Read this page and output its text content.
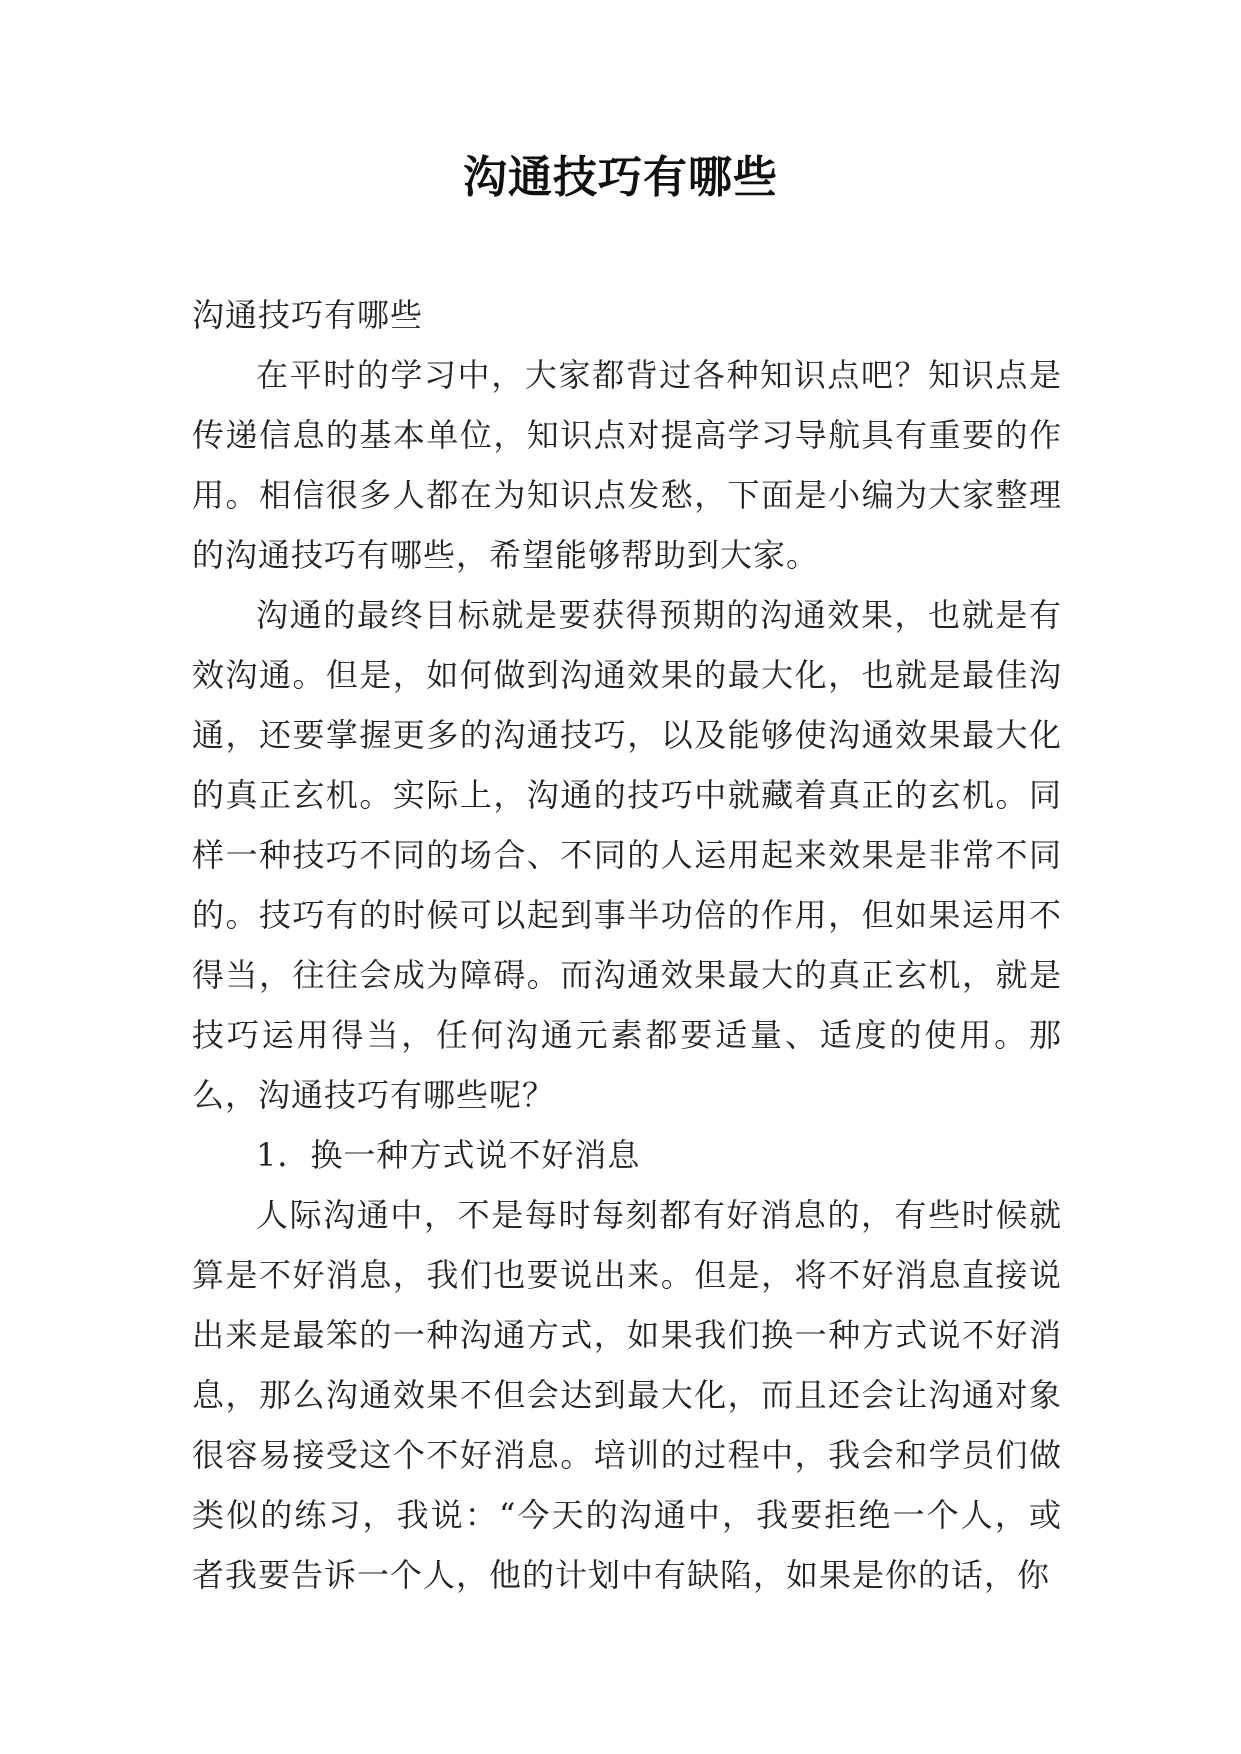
沟通技巧有哪些

沟通技巧有哪些

在平时的学习中，大家都背过各种知识点吧？知识点是传递信息的基本单位，知识点对提高学习导航具有重要的作用。相信很多人都在为知识点发愁，下面是小编为大家整理的沟通技巧有哪些，希望能够帮助到大家。

沟通的最终目标就是要获得预期的沟通效果，也就是有效沟通。但是，如何做到沟通效果的最大化，也就是最佳沟通，还要掌握更多的沟通技巧，以及能够使沟通效果最大化的真正玄机。实际上，沟通的技巧中就藏着真正的玄机。同样一种技巧不同的场合、不同的人运用起来效果是非常不同的。技巧有的时候可以起到事半功倍的作用，但如果运用不得当，往往会成为障碍。而沟通效果最大的真正玄机，就是技巧运用得当，任何沟通元素都要适量、适度的使用。那么，沟通技巧有哪些呢？

1．换一种方式说不好消息

人际沟通中，不是每时每刻都有好消息的，有些时候就算是不好消息，我们也要说出来。但是，将不好消息直接说出来是最笨的一种沟通方式，如果我们换一种方式说不好消息，那么沟通效果不但会达到最大化，而且还会让沟通对象很容易接受这个不好消息。培训的过程中，我会和学员们做类似的练习，我说：“今天的沟通中，我要拒绝一个人，或者我要告诉一个人，他的计划中有缺陷，如果是你的话，你
